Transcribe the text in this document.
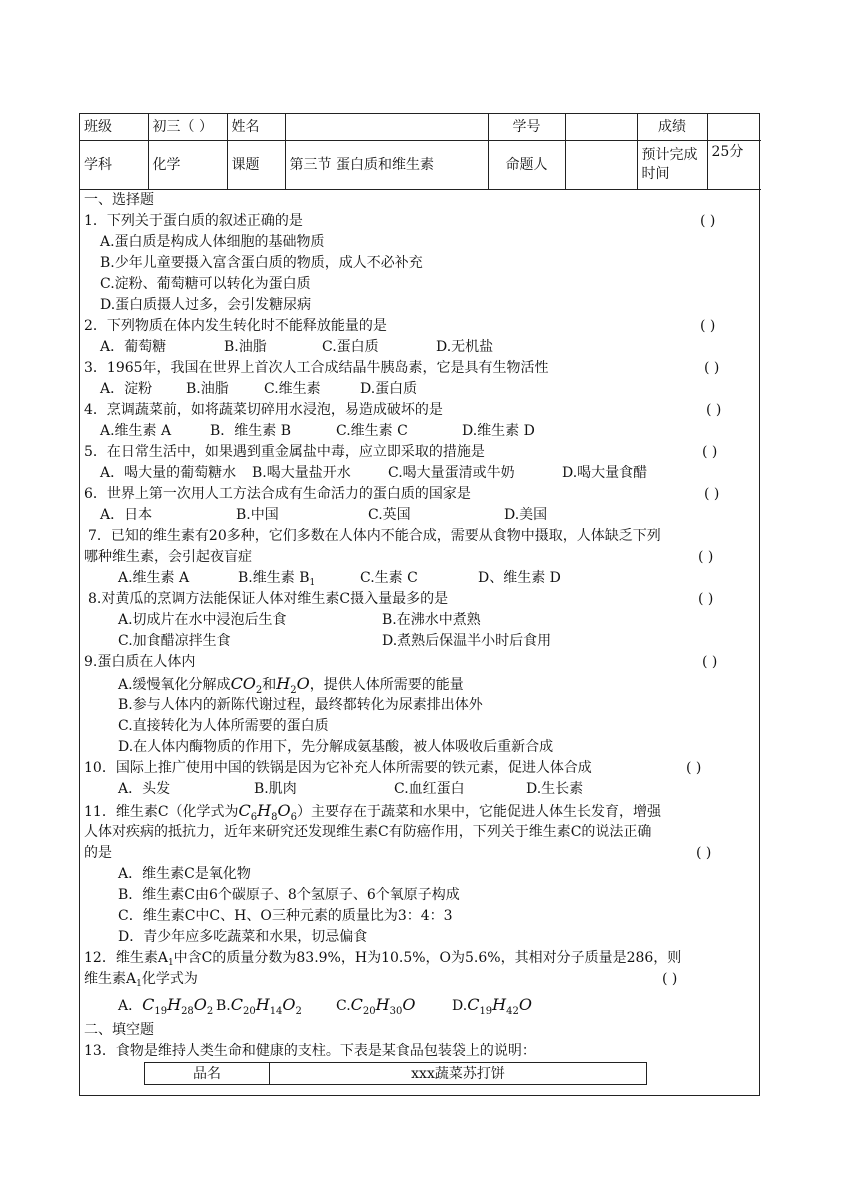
班级	初三（ ）	姓名		学号		成绩	
学科	化学	课题	第三节 蛋白质和维生素	命题人		预计完成时间	25分
一、选择题
1．下列关于蛋白质的叙述正确的是	( )
A.蛋白质是构成人体细胞的基础物质
B.少年儿童要摄入富含蛋白质的物质，成人不必补充
C.淀粉、葡萄糖可以转化为蛋白质
D.蛋白质摄人过多，会引发糖尿病
2．下列物质在体内发生转化时不能释放能量的是	( )
A．葡萄糖	B.油脂	C.蛋白质	D.无机盐
3．1965年，我国在世界上首次人工合成结晶牛胰岛素，它是具有生物活性	( )
A．淀粉 B.油脂	C.维生素	D.蛋白质
4．烹调蔬菜前，如将蔬菜切碎用水浸泡，易造成破坏的是	( )
A.维生素 A	B．维生素 B	C.维生素 C	D.维生素 D
5．在日常生活中，如果遇到重金属盐中毒，应立即采取的措施是	( )
A．喝大量的葡萄糖水 B.喝大量盐开水	C.喝大量蛋清或牛奶	D.喝大量食醋
6．世界上第一次用人工方法合成有生命活力的蛋白质的国家是	( )
A．日本	B.中国	C.英国	D.美国
7．已知的维生素有20多种，它们多数在人体内不能合成，需要从食物中摄取，人体缺乏下列
哪种维生素，会引起夜盲症	( )
A.维生素 A	B.维生素 $B_1$	C.生素 C	D、维生素 D
8.对黄瓜的烹调方法能保证人体对维生素C摄入量最多的是	( )
A.切成片在水中浸泡后生食	B.在沸水中煮熟
C.加食醋凉拌生食	D.煮熟后保温半小时后食用
9.蛋白质在人体内	( )
A.缓慢氧化分解成$CO_2$和$H_2O$，提供人体所需要的能量
B.参与人体内的新陈代谢过程，最终都转化为尿素排出体外
C.直接转化为人体所需要的蛋白质
D.在人体内酶物质的作用下，先分解成氨基酸，被人体吸收后重新合成
10．国际上推广使用中国的铁锅是因为它补充人体所需要的铁元素，促进人体合成	( )
A．头发	B.肌肉	C.血红蛋白	D.生长素
11．维生素C（化学式为$C_6H_8O_6$）主要存在于蔬菜和水果中，它能促进人体生长发育，增强
人体对疾病的抵抗力，近年来研究还发现维生素C有防癌作用，下列关于维生素C的说法正确
的是	( )
A．维生素C是氧化物
B．维生素C由6个碳原子、8个氢原子、6个氧原子构成
C．维生素C中C、H、O三种元素的质量比为3：4：3
D．青少年应多吃蔬菜和水果，切忌偏食
12．维生素$A_1$中含C的质量分数为83.9%，H为10.5%，O为5.6%，其相对分子质量是286，则
维生素$A_1$化学式为	( )
A．$C_{19}H_{28}O_2$ $B.C_{20}H_{14}O_2$ $C.C_{20}H_{30}O$	$D.C_{19}H_{42}O$
二、填空题
13．食物是维持人类生命和健康的支柱。下表是某食品包装袋上的说明：
品名	xxx蔬菜苏打饼
